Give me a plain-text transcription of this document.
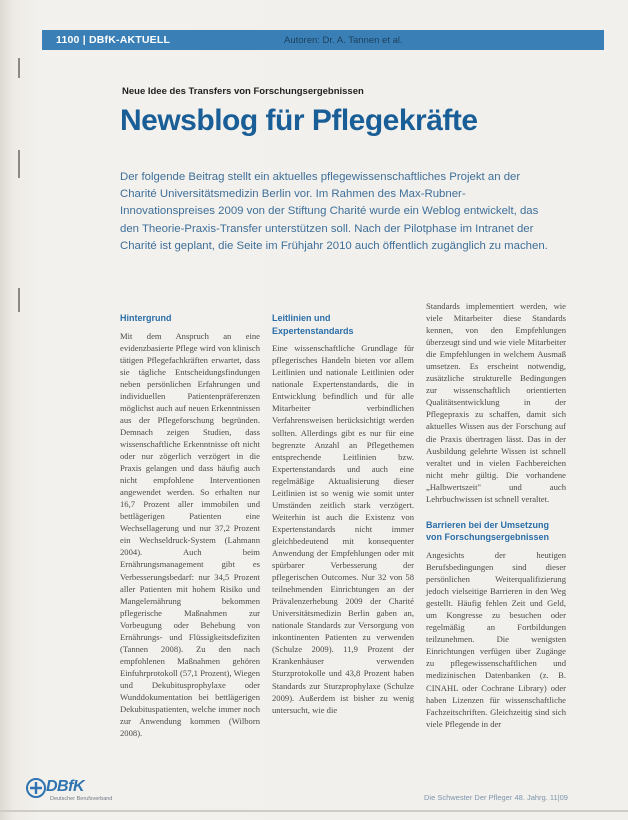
1100 | DBfK-AKTUELL	Autoren: Dr. A. Tannen et al.
Neue Idee des Transfers von Forschungsergebnissen
Newsblog für Pflegekräfte
Der folgende Beitrag stellt ein aktuelles pflegewissenschaftliches Projekt an der Charité Universitätsmedizin Berlin vor. Im Rahmen des Max-Rubner-Innovationspreises 2009 von der Stiftung Charité wurde ein Weblog entwickelt, das den Theorie-Praxis-Transfer unterstützen soll. Nach der Pilotphase im Intranet der Charité ist geplant, die Seite im Frühjahr 2010 auch öffentlich zugänglich zu machen.
Hintergrund

Mit dem Anspruch an eine evidenzbasierte Pflege wird von klinisch tätigen Pflegefachkräften erwartet, dass sie tägliche Entscheidungsfindungen neben persönlichen Erfahrungen und individuellen Patientenpräferenzen möglichst auch auf neuen Erkenntnissen aus der Pflegeforschung begründen. Demnach zeigen Studien, dass wissenschaftliche Erkenntnisse oft nicht oder nur zögerlich verzögert in die Praxis gelangen und dass häufig auch nicht empfohlene Interventionen angewendet werden. So erhalten nur 16,7 Prozent aller immobilen und bettlägerigen Patienten eine Wechsellagerung und nur 37,2 Prozent ein Wechseldruck-System (Lahmann 2004). Auch beim Ernährungsmanagement gibt es Verbesserungsbedarf: nur 34,5 Prozent aller Patienten mit hohem Risiko und Mangelernährung bekommen pflegerische Maßnahmen zur Vorbeugung oder Behebung von Ernährungs- und Flüssigkeitsdefiziten (Tannen 2008). Zu den nach empfohlenen Maßnahmen gehören Einfuhrprotokoll (57,1 Prozent), Wiegen und Dekubitusprophylaxe oder Wunddokumentation bei bettlägerigen Dekubituspatienten, welche immer noch zur Anwendung kommen (Wilborn 2008).

Leitlinien und Expertenstandards

Eine wissenschaftliche Grundlage für pflegerisches Handeln bieten vor allem Leitlinien und nationale Leitlinien oder nationale Expertenstandards, die in Entwicklung befindlich und für alle Mitarbeiter verbindlichen Verfahrensweisen berücksichtigt werden sollten. Allerdings gibt es nur für eine begrenzte Anzahl an Pflegethemen entsprechende Leitlinien bzw. Expertenstandards und auch eine regelmäßige Aktualisierung dieser Leitlinien ist so wenig wie somit unter Umständen zeitlich stark verzögert. Weiterhin ist auch die Existenz von Expertenstandards nicht immer gleichbedeutend mit konsequenter Anwendung der Empfehlungen oder mit spürbarer Verbesserung der pflegerischen Outcomes. Nur 32 von 58 teilnehmenden Einrichtungen an der Prävalenzerhebung 2009 der Charité Universitätsmedizin Berlin gaben an, nationale Standards zur Versorgung von inkontinenten Patienten zu verwenden (Schulze 2009). 11,9 Prozent der Krankenhäuser verwenden Sturzprotokolle und 43,8 Prozent haben Standards zur Sturzprophylaxe (Schulze 2009). Außerdem ist bisher zu wenig untersucht, wie die

Standards implementiert werden, wie viele Mitarbeiter diese Standards kennen, von den Empfehlungen überzeugt sind und wie viele Mitarbeiter die Empfehlungen in welchem Ausmaß umsetzen. Es erscheint notwendig, zusätzliche strukturelle Bedingungen zur wissenschaftlich orientierten Qualitätsentwicklung in der Pflegepraxis zu schaffen, damit sich aktuelles Wissen aus der Forschung auf die Praxis übertragen lässt. Das in der Ausbildung gelehrte Wissen ist schnell veraltet und in vielen Fachbereichen nicht mehr gültig. Die vorhandene „Halbwertszeit" und auch Lehrbuchwissen ist schnell veraltet.

Barrieren bei der Umsetzung von Forschungsergebnissen

Angesichts der heutigen Berufsbedingungen sind dieser persönlichen Weiterqualifizierung jedoch vielseitige Barrieren in den Weg gestellt. Häufig fehlen Zeit und Geld, um Kongresse zu besuchen oder regelmäßig an Fortbildungen teilzunehmen. Die wenigsten Einrichtungen verfügen über Zugänge zu pflegewissenschaftlichen und medizinischen Datenbanken (z. B. CINAHL oder Cochrane Library) oder haben Lizenzen für wissenschaftliche Fachzeitschriften. Gleichzeitig sind sich viele Pflegende in der

DBfK
Deutscher Berufsverband	Die Schwester Der Pfleger 48. Jahrg. 11|09
